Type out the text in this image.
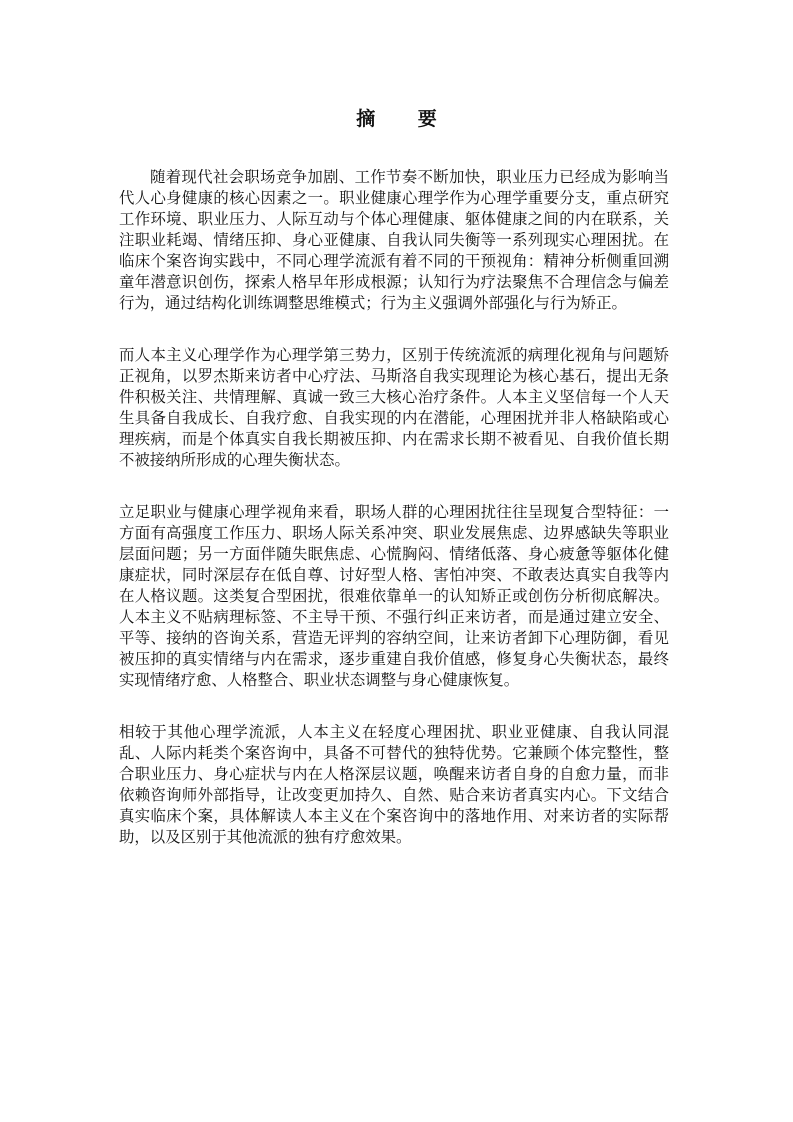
摘 要

随着现代社会职场竞争加剧、工作节奏不断加快，职业压力已经成为影响当代人心身健康的核心因素之一。职业健康心理学作为心理学重要分支，重点研究工作环境、职业压力、人际互动与个体心理健康、躯体健康之间的内在联系，关注职业耗竭、情绪压抑、身心亚健康、自我认同失衡等一系列现实心理困扰。在临床个案咨询实践中，不同心理学流派有着不同的干预视角：精神分析侧重回溯童年潜意识创伤，探索人格早年形成根源；认知行为疗法聚焦不合理信念与偏差行为，通过结构化训练调整思维模式；行为主义强调外部强化与行为矫正。

而人本主义心理学作为心理学第三势力，区别于传统流派的病理化视角与问题矫正视角，以罗杰斯来访者中心疗法、马斯洛自我实现理论为核心基石，提出无条件积极关注、共情理解、真诚一致三大核心治疗条件。人本主义坚信每一个人天生具备自我成长、自我疗愈、自我实现的内在潜能，心理困扰并非人格缺陷或心理疾病，而是个体真实自我长期被压抑、内在需求长期不被看见、自我价值长期不被接纳所形成的心理失衡状态。

立足职业与健康心理学视角来看，职场人群的心理困扰往往呈现复合型特征：一方面有高强度工作压力、职场人际关系冲突、职业发展焦虑、边界感缺失等职业层面问题；另一方面伴随失眠焦虑、心慌胸闷、情绪低落、身心疲惫等躯体化健康症状，同时深层存在低自尊、讨好型人格、害怕冲突、不敢表达真实自我等内在人格议题。这类复合型困扰，很难依靠单一的认知矫正或创伤分析彻底解决。人本主义不贴病理标签、不主导干预、不强行纠正来访者，而是通过建立安全、平等、接纳的咨询关系，营造无评判的容纳空间，让来访者卸下心理防御，看见被压抑的真实情绪与内在需求，逐步重建自我价值感，修复身心失衡状态，最终实现情绪疗愈、人格整合、职业状态调整与身心健康恢复。

相较于其他心理学流派，人本主义在轻度心理困扰、职业亚健康、自我认同混乱、人际内耗类个案咨询中，具备不可替代的独特优势。它兼顾个体完整性，整合职业压力、身心症状与内在人格深层议题，唤醒来访者自身的自愈力量，而非依赖咨询师外部指导，让改变更加持久、自然、贴合来访者真实内心。下文结合真实临床个案，具体解读人本主义在个案咨询中的落地作用、对来访者的实际帮助，以及区别于其他流派的独有疗愈效果。
